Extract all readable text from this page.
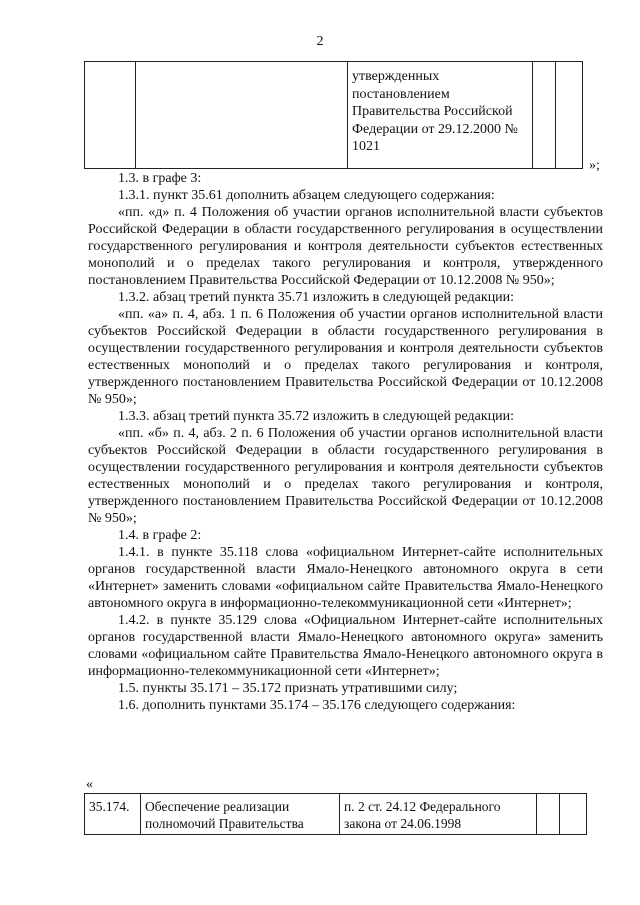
2
		утвержденных постановлением Правительства Российской Федерации от 29.12.2000 № 1021		
»;

1.3. в графе 3:

1.3.1. пункт 35.61 дополнить абзацем следующего содержания:

«пп. «д» п. 4 Положения об участии органов исполнительной власти субъектов Российской Федерации в области государственного регулирования в осуществлении государственного регулирования и контроля деятельности субъектов естественных монополий и о пределах такого регулирования и контроля, утвержденного постановлением Правительства Российской Федерации от 10.12.2008 № 950»;

1.3.2. абзац третий пункта 35.71 изложить в следующей редакции:

«пп. «а» п. 4, абз. 1 п. 6 Положения об участии органов исполнительной власти субъектов Российской Федерации в области государственного регулирования в осуществлении государственного регулирования и контроля деятельности субъектов естественных монополий и о пределах такого регулирования и контроля, утвержденного постановлением Правительства Российской Федерации от 10.12.2008 № 950»;

1.3.3. абзац третий пункта 35.72 изложить в следующей редакции:

«пп. «б» п. 4, абз. 2 п. 6 Положения об участии органов исполнительной власти субъектов Российской Федерации в области государственного регулирования в осуществлении государственного регулирования и контроля деятельности субъектов естественных монополий и о пределах такого регулирования и контроля, утвержденного постановлением Правительства Российской Федерации от 10.12.2008 № 950»;

1.4. в графе 2:

1.4.1. в пункте 35.118 слова «официальном Интернет-сайте исполнительных органов государственной власти Ямало-Ненецкого автономного округа в сети «Интернет» заменить словами «официальном сайте Правительства Ямало-Ненецкого автономного округа в информационно-телекоммуникационной сети «Интернет»;

1.4.2. в пункте 35.129 слова «Официальном Интернет-сайте исполнительных органов государственной власти Ямало-Ненецкого автономного округа» заменить словами «официальном сайте Правительства Ямало-Ненецкого автономного округа в информационно-телекоммуникационной сети «Интернет»;

1.5. пункты 35.171 – 35.172 признать утратившими силу;

1.6. дополнить пунктами 35.174 – 35.176 следующего содержания:

«
35.174.	Обеспечение реализации полномочий Правительства	п. 2 ст. 24.12 Федерального закона от 24.06.1998		
